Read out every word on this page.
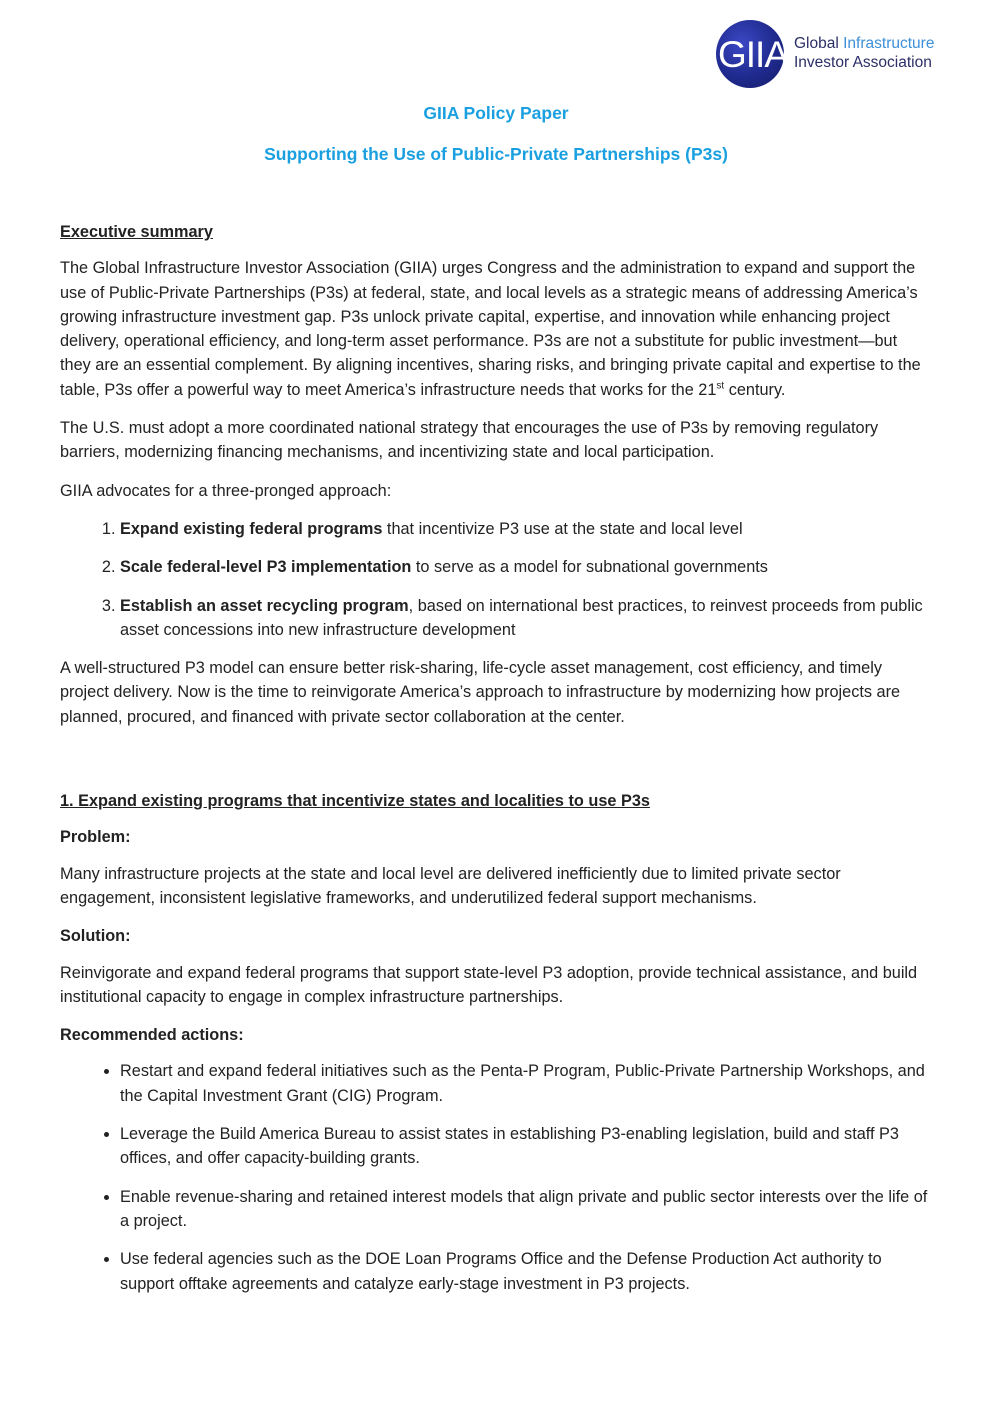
GIIA Global Infrastructure
Investor Association
GIIA Policy Paper
Supporting the Use of Public-Private Partnerships (P3s)
Executive summary

The Global Infrastructure Investor Association (GIIA) urges Congress and the administration to expand and support the use of Public-Private Partnerships (P3s) at federal, state, and local levels as a strategic means of addressing America’s growing infrastructure investment gap. P3s unlock private capital, expertise, and innovation while enhancing project delivery, operational efficiency, and long-term asset performance. P3s are not a substitute for public investment—but they are an essential complement. By aligning incentives, sharing risks, and bringing private capital and expertise to the table, P3s offer a powerful way to meet America’s infrastructure needs that works for the 21st century.

The U.S. must adopt a more coordinated national strategy that encourages the use of P3s by removing regulatory barriers, modernizing financing mechanisms, and incentivizing state and local participation.

GIIA advocates for a three-pronged approach:

1. Expand existing federal programs that incentivize P3 use at the state and local level
2. Scale federal-level P3 implementation to serve as a model for subnational governments
3. Establish an asset recycling program, based on international best practices, to reinvest proceeds from public asset concessions into new infrastructure development

A well-structured P3 model can ensure better risk-sharing, life-cycle asset management, cost efficiency, and timely project delivery. Now is the time to reinvigorate America’s approach to infrastructure by modernizing how projects are planned, procured, and financed with private sector collaboration at the center.

1. Expand existing programs that incentivize states and localities to use P3s
Problem:

Many infrastructure projects at the state and local level are delivered inefficiently due to limited private sector engagement, inconsistent legislative frameworks, and underutilized federal support mechanisms.

Solution:

Reinvigorate and expand federal programs that support state-level P3 adoption, provide technical assistance, and build institutional capacity to engage in complex infrastructure partnerships.

Recommended actions:
• Restart and expand federal initiatives such as the Penta-P Program, Public-Private Partnership Workshops, and the Capital Investment Grant (CIG) Program.
• Leverage the Build America Bureau to assist states in establishing P3-enabling legislation, build and staff P3 offices, and offer capacity-building grants.
• Enable revenue-sharing and retained interest models that align private and public sector interests over the life of a project.
• Use federal agencies such as the DOE Loan Programs Office and the Defense Production Act authority to support offtake agreements and catalyze early-stage investment in P3 projects.
